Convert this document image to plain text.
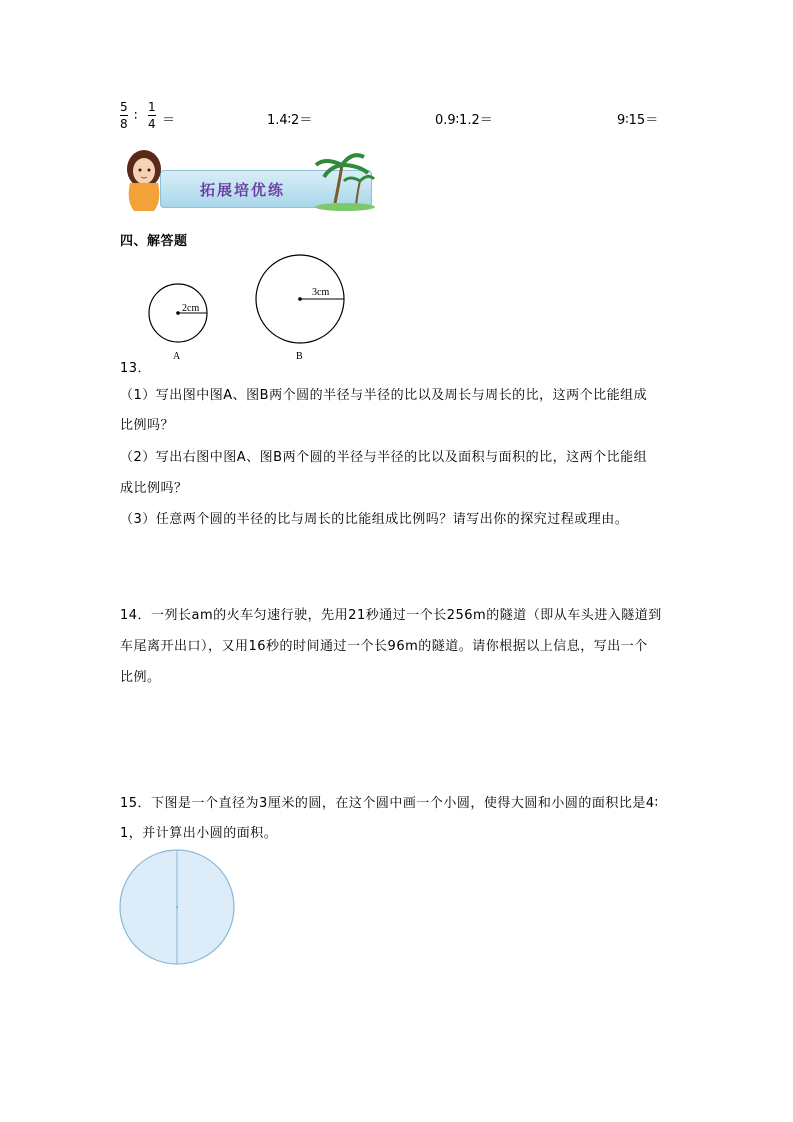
5
8 ∶
1
4 ＝	1.4∶2＝	0.9∶1.2＝	9∶15＝
拓展培优练
四、解答题
2cm
A
3cm
B
13．
（1）写出图中图A、图B两个圆的半径与半径的比以及周长与周长的比，这两个比能组成
比例吗？
（2）写出右图中图A、图B两个圆的半径与半径的比以及面积与面积的比，这两个比能组
成比例吗？
（3）任意两个圆的半径的比与周长的比能组成比例吗？请写出你的探究过程或理由。
14．一列长am的火车匀速行驶，先用21秒通过一个长256m的隧道（即从车头进入隧道到
车尾离开出口），又用16秒的时间通过一个长96m的隧道。请你根据以上信息，写出一个
比例。
15．下图是一个直径为3厘米的圆，在这个圆中画一个小圆，使得大圆和小圆的面积比是4∶
1，并计算出小圆的面积。
